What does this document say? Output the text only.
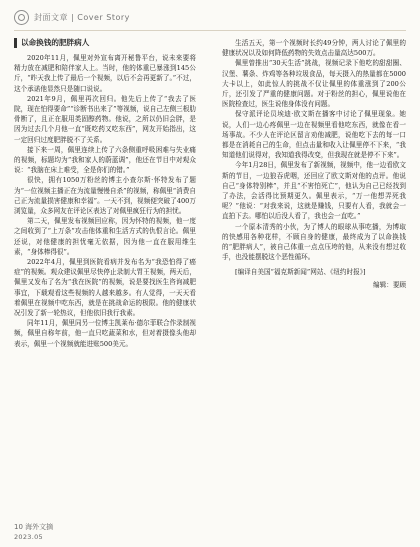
封面文章 | Cover Story
以命换钱的肥胖病人

2020年11月，佩里对外宣布离开秘鲁平台，说未来要将精力放在减肥和陪伴家人上。当时，他的体重已暴涨到145公斤，“昨天我上传了最后一个视频，以后不会再更新了。”不过，这个承诺他显然只是随口说说。

2021年9月，佩里再次回归。他先后上传了“我去了医院，现在怕得要命”“诊断书出来了”等视频，说自己左侧三根肋骨断了，且正在服用类固醇药物。他说，之所以仍旧会胖，是因为过去几个月他一直“既吃药又吃东西”，网友开始指出，这一定回归过度肥胖脱不了关系。

接下来一周，佩里连续上传了六条侧重呼吸困难与失业痛的视频，标题均为“我和家人的蔚蓝调”，他还在节目中对观众说：“我脑在床上难受，全是你们的错。”

很快，拥有1050万粉丝的博主小查尔斯·怀特发布了题为“一位视频主播正在为流量慢慢自杀”的视频，称佩里“消费自己正为流量损害健康和幸福”。一天不到，视频便突破了400万浏览量，众多网友在评论区表达了对佩里疯狂行为的担忧。

第二天，佩里发布视频回应称，因为怀特的视频，他一度之间收到了“上万条”攻击他体重和生活方式的仇恨言论。佩里还说，对他健康的担忧毫无依据，因为他一直在服用维生素，“身体棒得很”。

2022年4月，佩里到医院看病并发布名为“我恐怕得了癌症”的视频。观众建议佩里尽快停止录制大胃王视频，两天后，佩里又发布了名为“我在医院”的视频，说是要找医生咨询减肥事宜，下载观看这些视频的人越来越多。有人觉得，一天天看着佩里在视频中吃东西，就是在挑战命运的极限。他的健康状况引发了新一轮热议，但他依旧我行我素。

同年11月，佩里同另一位博主凯莱布·德尔菲联合作录制视频，佩里自称年前，他一直只吃蔬菜和水，但对着摄像头他却表示，佩里一个视频就能进账500美元。

生活五天，第一个视频时长约49分钟，两人讨论了佩里的健康状况以及如何降低药物的失效点击量高达500万。

佩里曾推出“30天生活”挑战，视频记录下他吃的甜甜圈、汉堡、薯条、炸鸡等各种垃圾食品，每天摄入的热量都在5000大卡以上，如此惊人的挑战不仅让佩里的体重涨到了200公斤，还引发了严重的健康问题。对于粉丝的担心，佩里说他在医院检查过，医生说他身体没有问题。

保守派评论员埃迪·欧文斯在播客中讨论了佩里现象。她说，人们一边心疼佩里一边在视频里看他吃东西，就像在看一场事故。不少人在评论区留言劝他减肥，说他吃下去的每一口都是在消耗自己的生命，但点击量和收入让佩里停不下来，“我知道他们说得对，我知道我得改变，但我现在就是停不下来”。

今年1月28日，佩里发布了新视频，视频中，他一边看欧文斯的节目，一边狼吞虎咽，还回应了欧文斯对他的点评。他说自己“身体特别棒”，并且“不害怕死亡”，他认为自己已经找到了办法，会活得比预期更久。佩里表示，“万一他想弄死我呢？”他说：“对我来说，这就是赚钱，只要有人看，我就会一直拍下去。哪怕以后没人看了，我也会一直吃。”

一个原本清秀的小伙，为了博人的眼球从事吃播，为博取的快感用各种花样，不顾自身的健康，最终成为了以命换钱的“肥胖病人”，被自己体重一点点压垮的他，从来没有想过收手，也没能摆脱这个恶性循环。

[编译自美国“福克斯新闻”网站、《纽约时报》]

编辑：要顾

10 海外文摘
2023.05
